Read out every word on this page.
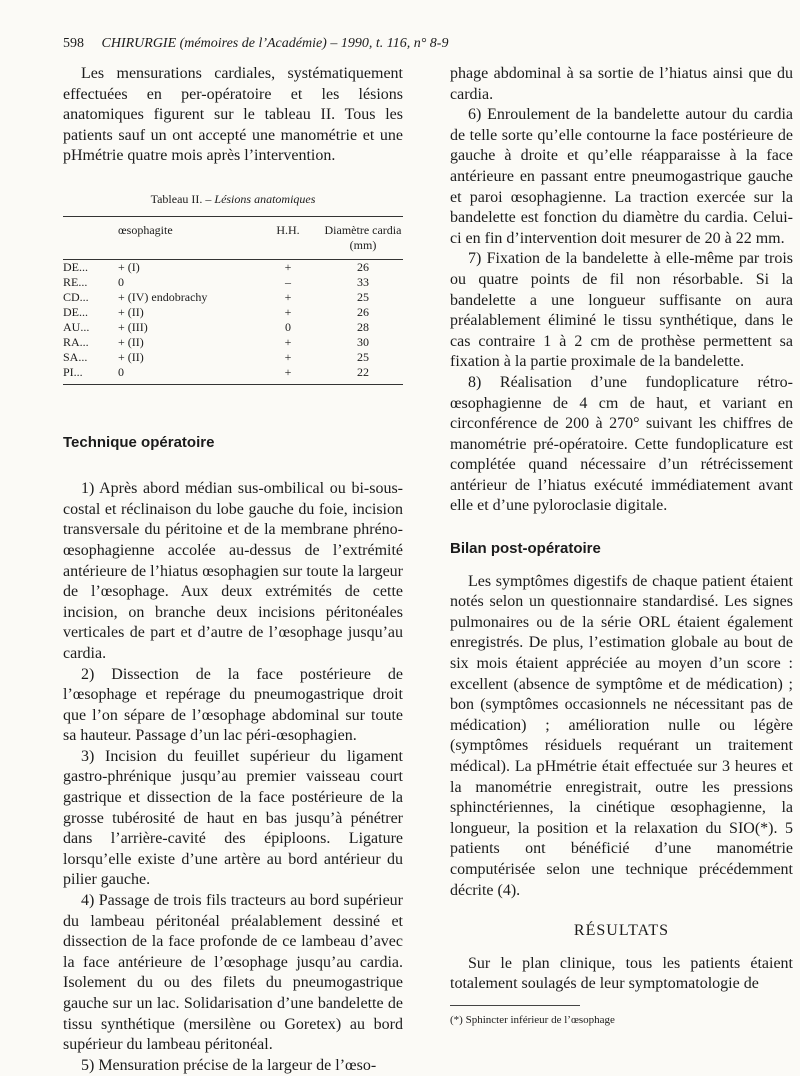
598 CHIRURGIE (mémoires de l’Académie) – 1990, t. 116, n° 8-9

Les mensurations cardiales, systématiquement effectuées en per-opératoire et les lésions anatomiques figurent sur le tableau II. Tous les patients sauf un ont accepté une manométrie et une pHmétrie quatre mois après l’intervention.

Tableau II. – Lésions anatomiques
	œsophagite	H.H.	Diamètre cardia (mm)
DE...	+ (I)	+	26
RE...	0	–	33
CD...	+ (IV) endobrachy	+	25
DE...	+ (II)	+	26
AU...	+ (III)	0	28
RA...	+ (II)	+	30
SA...	+ (II)	+	25
PI...	0	+	22
Technique opératoire

1) Après abord médian sus-ombilical ou bi-sous-costal et réclinaison du lobe gauche du foie, incision transversale du péritoine et de la membrane phréno-œsophagienne accolée au-dessus de l’extrémité antérieure de l’hiatus œsophagien sur toute la largeur de l’œsophage. Aux deux extrémités de cette incision, on branche deux incisions péritonéales verticales de part et d’autre de l’œsophage jusqu’au cardia.

2) Dissection de la face postérieure de l’œsophage et repérage du pneumogastrique droit que l’on sépare de l’œsophage abdominal sur toute sa hauteur. Passage d’un lac péri-œsophagien.

3) Incision du feuillet supérieur du ligament gastro-phrénique jusqu’au premier vaisseau court gastrique et dissection de la face postérieure de la grosse tubérosité de haut en bas jusqu’à pénétrer dans l’arrière-cavité des épiploons. Ligature lorsqu’elle existe d’une artère au bord antérieur du pilier gauche.

4) Passage de trois fils tracteurs au bord supérieur du lambeau péritonéal préalablement dessiné et dissection de la face profonde de ce lambeau d’avec la face antérieure de l’œsophage jusqu’au cardia. Isolement du ou des filets du pneumogastrique gauche sur un lac. Solidarisation d’une bandelette de tissu synthétique (mersilène ou Goretex) au bord supérieur du lambeau péritonéal.

5) Mensuration précise de la largeur de l’œso-

phage abdominal à sa sortie de l’hiatus ainsi que du cardia.

6) Enroulement de la bandelette autour du cardia de telle sorte qu’elle contourne la face postérieure de gauche à droite et qu’elle réapparaisse à la face antérieure en passant entre pneumogastrique gauche et paroi œsophagienne. La traction exercée sur la bandelette est fonction du diamètre du cardia. Celui-ci en fin d’intervention doit mesurer de 20 à 22 mm.

7) Fixation de la bandelette à elle-même par trois ou quatre points de fil non résorbable. Si la bandelette a une longueur suffisante on aura préalablement éliminé le tissu synthétique, dans le cas contraire 1 à 2 cm de prothèse permettent sa fixation à la partie proximale de la bandelette.

8) Réalisation d’une fundoplicature rétro-œsophagienne de 4 cm de haut, et variant en circonférence de 200 à 270° suivant les chiffres de manométrie pré-opératoire. Cette fundoplicature est complétée quand nécessaire d’un rétrécissement antérieur de l’hiatus exécuté immédiatement avant elle et d’une pyloroclasie digitale.

Bilan post-opératoire

Les symptômes digestifs de chaque patient étaient notés selon un questionnaire standardisé. Les signes pulmonaires ou de la série ORL étaient également enregistrés. De plus, l’estimation globale au bout de six mois étaient appréciée au moyen d’un score : excellent (absence de symptôme et de médication) ; bon (symptômes occasionnels ne nécessitant pas de médication) ; amélioration nulle ou légère (symptômes résiduels requérant un traitement médical). La pHmétrie était effectuée sur 3 heures et la manométrie enregistrait, outre les pressions sphinctériennes, la cinétique œsophagienne, la longueur, la position et la relaxation du SIO(*). 5 patients ont bénéficié d’une manométrie computérisée selon une technique précédemment décrite (4).

RÉSULTATS

Sur le plan clinique, tous les patients étaient totalement soulagés de leur symptomatologie de

(*) Sphincter inférieur de l’œsophage
